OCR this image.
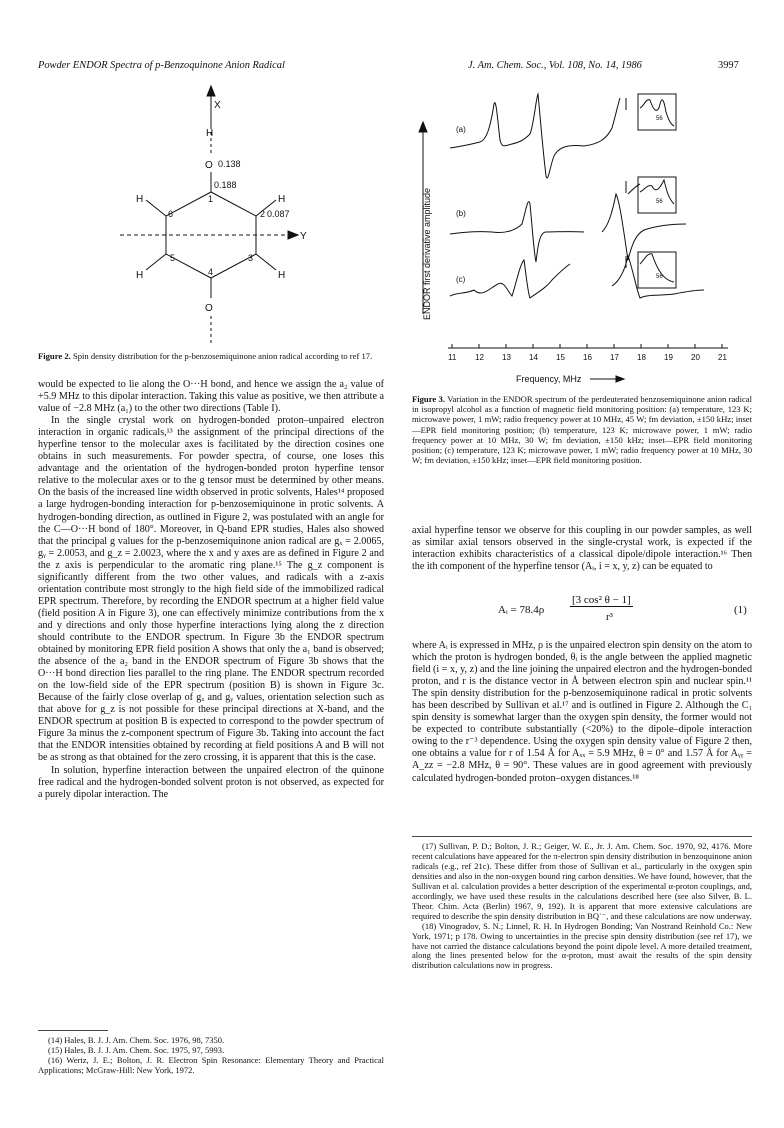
Powder ENDOR Spectra of p-Benzoquinone Anion Radical	J. Am. Chem. Soc., Vol. 108, No. 14, 1986	3997
X
H
O 0.138
0.188
1
2 0.087
6
5	3
4
H	H
H	H
O
Y
Figure 2. Spin density distribution for the p-benzosemiquinone anion radical according to ref 17.

would be expected to lie along the O···H bond, and hence we assign the a₂ value of +5.9 MHz to this dipolar interaction. Taking this value as positive, we then attribute a value of −2.8 MHz (a₁) to the other two directions (Table I).

In the single crystal work on hydrogen-bonded proton–unpaired electron interaction in organic radicals,¹³ the assignment of the principal directions of the hyperfine tensor to the molecular axes is facilitated by the direction cosines one obtains in such measurements. For powder spectra, of course, one loses this advantage and the orientation of the hydrogen-bonded proton hyperfine tensor relative to the molecular axes or to the g tensor must be determined by other means. On the basis of the increased line width observed in protic solvents, Hales¹⁴ proposed a large hydrogen-bonding interaction for p-benzosemiquinone in protic solvents. A hydrogen-bonding direction, as outlined in Figure 2, was postulated with an angle for the C—O···H bond of 180°. Moreover, in Q-band EPR studies, Hales also showed that the principal g values for the p-benzosemiquinone anion radical are gₓ = 2.0065, gᵧ = 2.0053, and g_z = 2.0023, where the x and y axes are as defined in Figure 2 and the z axis is perpendicular to the aromatic ring plane.¹⁵ The g_z component is significantly different from the two other values, and radicals with a z-axis orientation contribute most strongly to the high field side of the immobilized radical EPR spectrum. Therefore, by recording the ENDOR spectrum at a higher field value (field position A in Figure 3), one can effectively minimize contributions from the x and y directions and only those hyperfine interactions lying along the z direction should contribute to the ENDOR spectrum. In Figure 3b the ENDOR spectrum obtained by monitoring EPR field position A shows that only the a₁ band is observed; the absence of the a₂ band in the ENDOR spectrum of Figure 3b shows that the O···H bond direction lies parallel to the ring plane. The ENDOR spectrum recorded on the low-field side of the EPR spectrum (position B) is shown in Figure 3c. Because of the fairly close overlap of gₓ and gᵧ values, orientation selection such as that above for g_z is not possible for these principal directions at X-band, and the ENDOR spectrum at position B is expected to correspond to the powder spectrum of Figure 3a minus the z-component spectrum of Figure 3b. Taking into account the fact that the ENDOR intensities obtained by recording at field positions A and B will not be as strong as that obtained for the zero crossing, it is apparent that this is the case.

In solution, hyperfine interaction between the unpaired electron of the quinone free radical and the hydrogen-bonded solvent proton is not observed, as expected for a purely dipolar interaction. The

(14) Hales, B. J. J. Am. Chem. Soc. 1976, 98, 7350.

(15) Hales, B. J. J. Am. Chem. Soc. 1975, 97, 5993.

(16) Wertz, J. E.; Bolton, J. R. Electron Spin Resonance: Elementary Theory and Practical Applications; McGraw-Hill: New York, 1972.

56
56
56
(a)
(b)
(c)
ENDOR first derivative amplitude
11 12 13 14 15 16 17 18 19 20 21
Frequency, MHz
Figure 3. Variation in the ENDOR spectrum of the perdeuterated benzosemiquinone anion radical in isopropyl alcohol as a function of magnetic field monitoring position: (a) temperature, 123 K; microwave power, 1 mW; radio frequency power at 10 MHz, 45 W; fm deviation, ±150 kHz; inset—EPR field monitoring position; (b) temperature, 123 K; microwave power, 1 mW; radio frequency power at 10 MHz, 30 W; fm deviation, ±150 kHz; inset—EPR field monitoring position; (c) temperature, 123 K; microwave power, 1 mW; radio frequency power at 10 MHz, 30 W; fm deviation, ±150 kHz; inset—EPR field monitoring position.
axial hyperfine tensor we observe for this coupling in our powder samples, as well as similar axial tensors observed in the single-crystal work, is expected if the interaction exhibits characteristics of a classical dipole/dipole interaction.¹⁶ Then the ith component of the hyperfine tensor (Aᵢ, i = x, y, z) can be equated to
Aᵢ = 78.4ρ
[3 cos² θ − 1]
r³
(1)
where Aᵢ is expressed in MHz, ρ is the unpaired electron spin density on the atom to which the proton is hydrogen bonded, θᵢ is the angle between the applied magnetic field (i = x, y, z) and the line joining the unpaired electron and the hydrogen-bonded proton, and r is the distance vector in Å between electron spin and nuclear spin.¹¹ The spin density distribution for the p-benzosemiquinone radical in protic solvents has been described by Sullivan et al.¹⁷ and is outlined in Figure 2. Although the C₁ spin density is somewhat larger than the oxygen spin density, the former would not be expected to contribute substantially (<20%) to the dipole–dipole interaction owing to the r⁻³ dependence. Using the oxygen spin density value of Figure 2 then, one obtains a value for r of 1.54 Å for Aₓₓ = 5.9 MHz, θ = 0° and 1.57 Å for Aᵧᵧ = A_zz = −2.8 MHz, θ = 90°. These values are in good agreement with previously calculated hydrogen-bonded proton–oxygen distances.¹⁸

(17) Sullivan, P. D.; Bolton, J. R.; Geiger, W. E., Jr. J. Am. Chem. Soc. 1970, 92, 4176. More recent calculations have appeared for the π-electron spin density distribution in benzoquinone anion radicals (e.g., ref 21c). These differ from those of Sullivan et al., particularly in the oxygen spin densities and also in the non-oxygen bound ring carbon densities. We have found, however, that the Sullivan et al. calculation provides a better description of the experimental α-proton couplings, and, accordingly, we have used these results in the calculations described here (see also Silver, B. L. Theor. Chim. Acta (Berlin) 1967, 9, 192). It is apparent that more extensive calculations are required to describe the spin density distribution in BQ˙⁻, and these calculations are now underway.

(18) Vinogradov, S. N.; Linnel, R. H. In Hydrogen Bonding; Van Nostrand Reinhold Co.: New York, 1971; p 178. Owing to uncertainties in the precise spin density distribution (see ref 17), we have not carried the distance calculations beyond the point dipole level. A more detailed treatment, along the lines presented below for the α-proton, must await the results of the spin density distribution calculations now in progress.
